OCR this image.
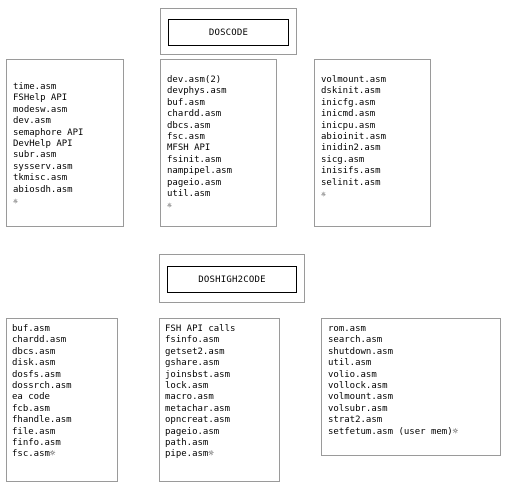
DOSCODE
time.asm
FSHelp API
modesw.asm
dev.asm
semaphore API
DevHelp API
subr.asm
sysserv.asm
tkmisc.asm
abiosdh.asm
☼
dev.asm(2)
devphys.asm
buf.asm
chardd.asm
dbcs.asm
fsc.asm
MFSH API
fsinit.asm
nampipel.asm
pageio.asm
util.asm
☼
volmount.asm
dskinit.asm
inicfg.asm
inicmd.asm
inicpu.asm
abioinit.asm
inidin2.asm
sicg.asm
inisifs.asm
selinit.asm
☼
DOSHIGH2CODE
buf.asm
chardd.asm
dbcs.asm
disk.asm
dosfs.asm
dossrch.asm
ea code
fcb.asm
fhandle.asm
file.asm
finfo.asm
fsc.asm☼
FSH API calls
fsinfo.asm
getset2.asm
gshare.asm
joinsbst.asm
lock.asm
macro.asm
metachar.asm
opncreat.asm
pageio.asm
path.asm
pipe.asm☼
rom.asm
search.asm
shutdown.asm
util.asm
volio.asm
vollock.asm
volmount.asm
volsubr.asm
strat2.asm
setfetum.asm (user mem)☼
